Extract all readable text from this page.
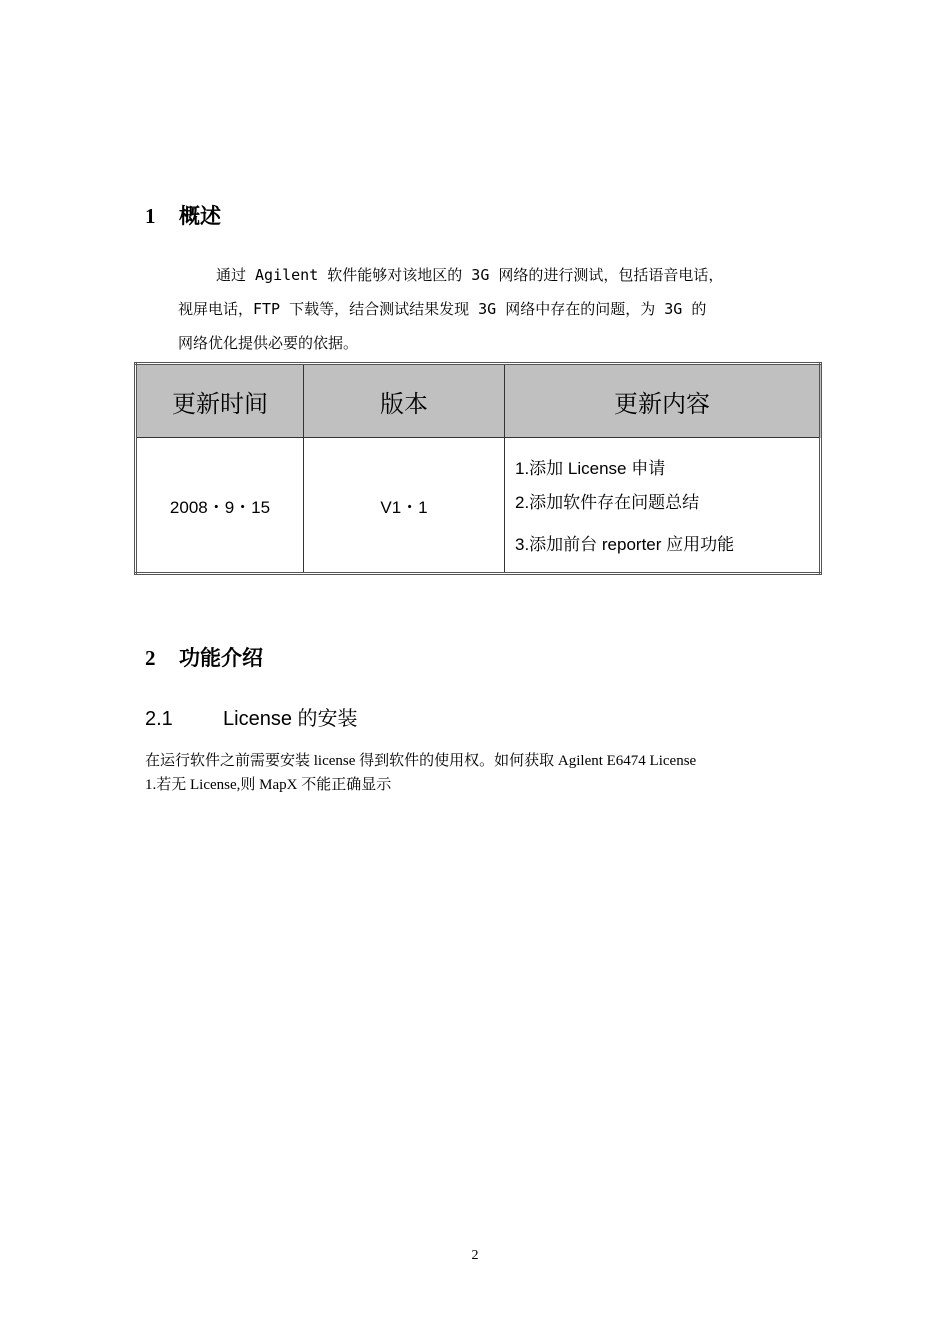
1 概述
通过 Agilent 软件能够对该地区的 3G 网络的进行测试，包括语音电话，
视屏电话，FTP 下载等，结合测试结果发现 3G 网络中存在的问题，为 3G 的
网络优化提供必要的依据。
更新时间	版本	更新内容
2008・9・15	V1・1	1.添加 License 申请
2.添加软件存在问题总结
3.添加前台 reporter 应用功能
2 功能介绍
2.1	License 的安装
在运行软件之前需要安装 license 得到软件的使用权。如何获取 Agilent E6474 License
1.若无 License,则 MapX 不能正确显示
2
